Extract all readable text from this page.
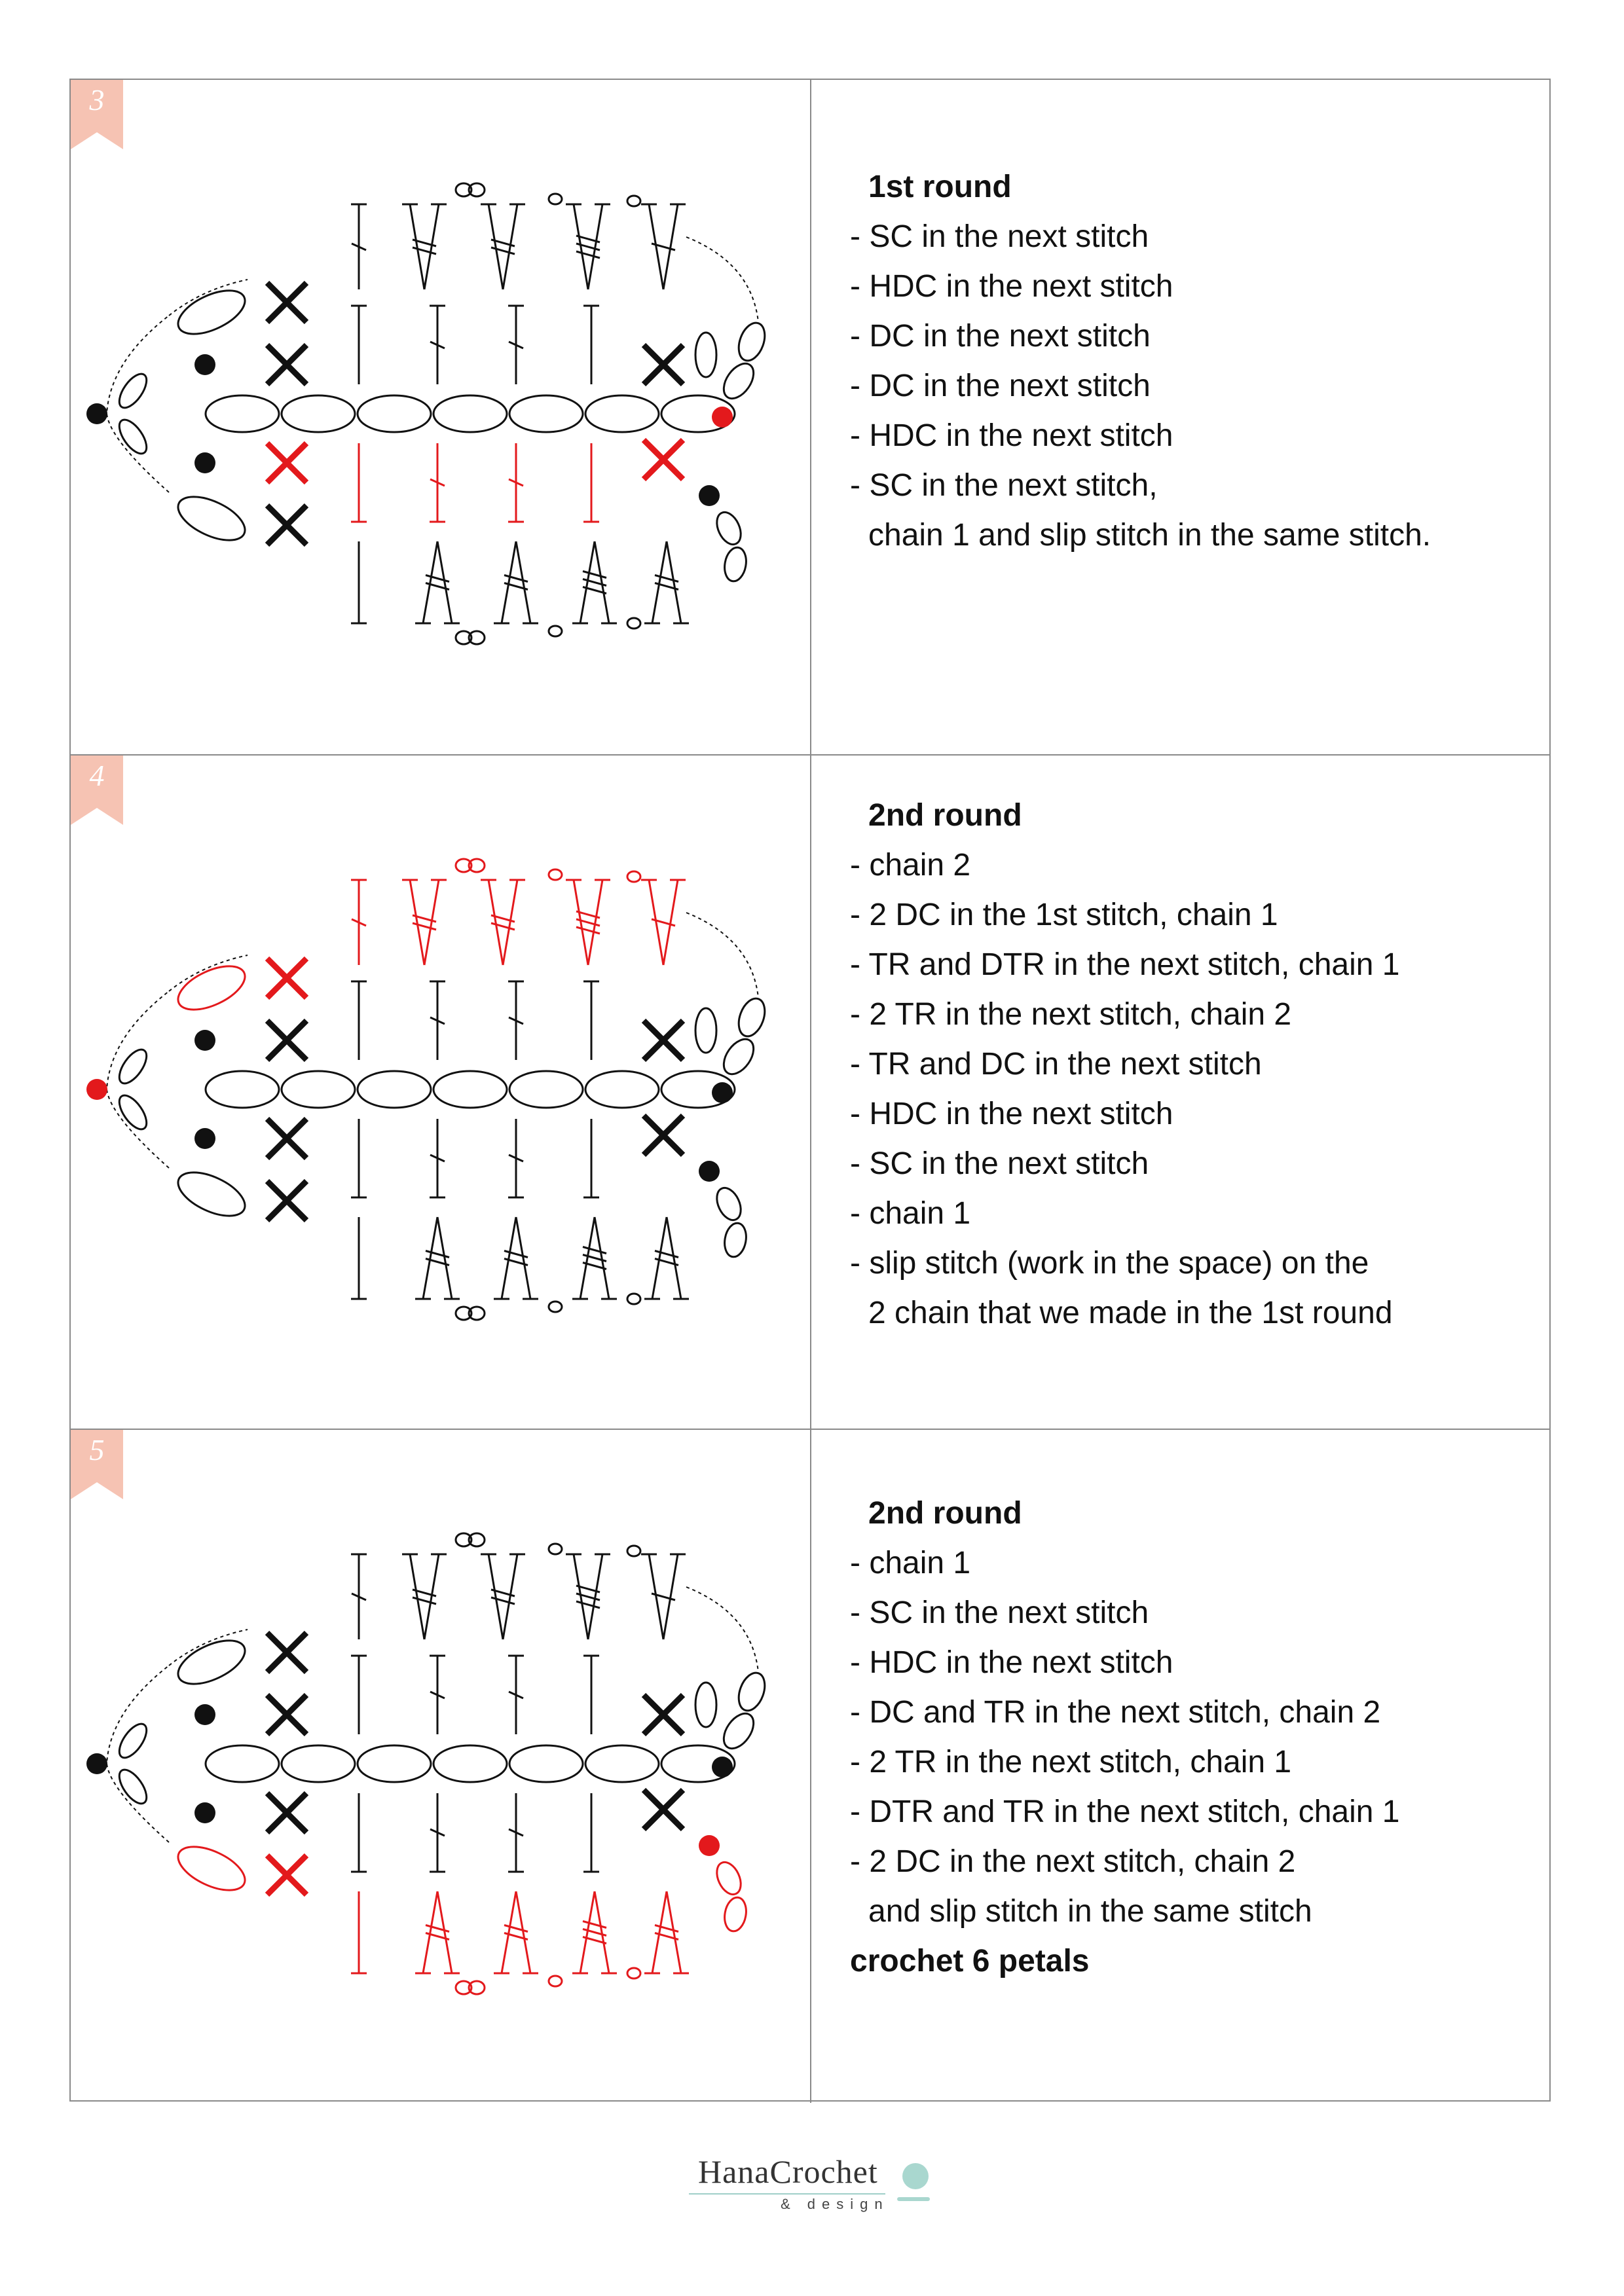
3
1st round
- SC in the next stitch
- HDC in the next stitch
- DC in the next stitch
- DC in the next stitch
- HDC in the next stitch
- SC in the next stitch,
chain 1 and slip stitch in the same stitch.
4
2nd round
- chain 2
- 2 DC in the 1st stitch, chain 1
- TR and DTR in the next stitch, chain 1
- 2 TR in the next stitch, chain 2
- TR and DC in the next stitch
- HDC in the next stitch
- SC in the next stitch
- chain 1
- slip stitch (work in the space) on the
2 chain that we made in the 1st round
5
2nd round
- chain 1
- SC in the next stitch
- HDC in the next stitch
- DC and TR in the next stitch, chain 2
- 2 TR in the next stitch, chain 1
- DTR and TR in the next stitch, chain 1
- 2 DC in the next stitch, chain 2
and slip stitch in the same stitch
crochet 6 petals
HanaCrochet
& design
